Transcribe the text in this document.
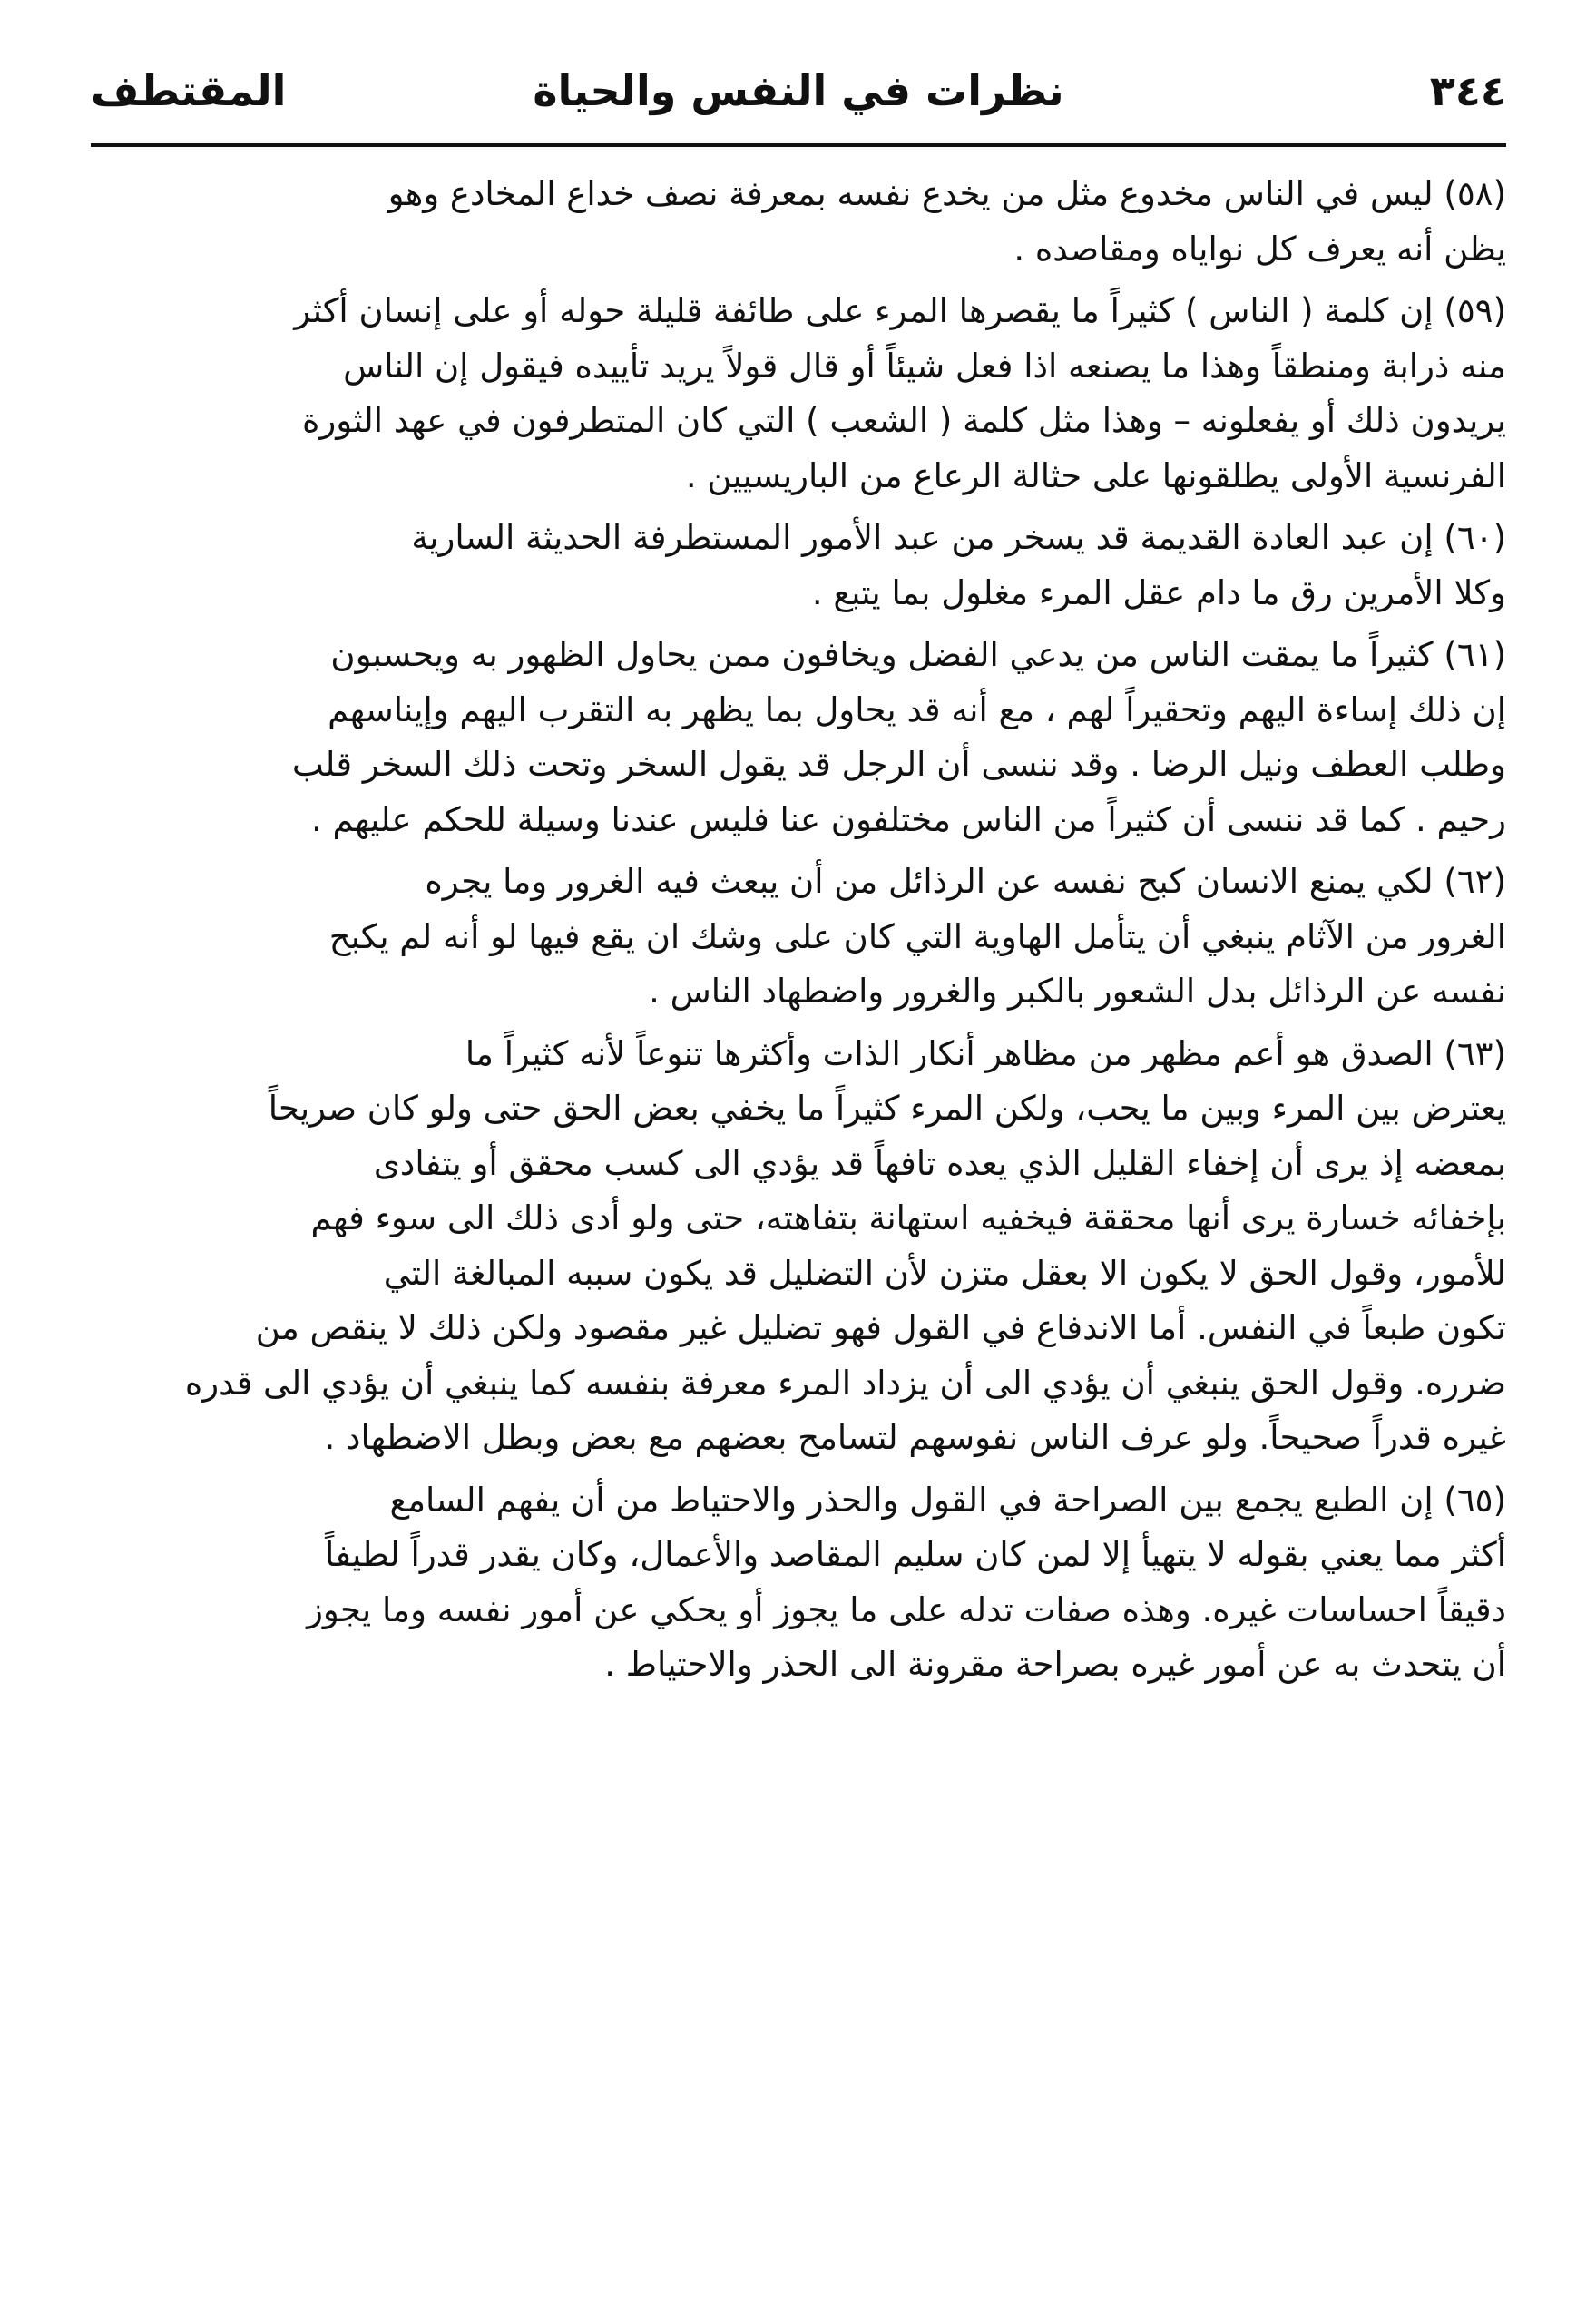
٣٤٤
نظرات في النفس والحياة
المقتطف
(٥٨) ليس في الناس مخدوع مثل من يخدع نفسه بمعرفة نصف خداع المخادع وهو
يظن أنه يعرف كل نواياه ومقاصده .
(٥٩) إن كلمة ( الناس ) كثيراً ما يقصرها المرء على طائفة قليلة حوله أو على إنسان أكثر
منه ذرابة ومنطقاً وهذا ما يصنعه اذا فعل شيئاً أو قال قولاً يريد تأييده فيقول إن الناس
يريدون ذلك أو يفعلونه – وهذا مثل كلمة ( الشعب ) التي كان المتطرفون في عهد الثورة
الفرنسية الأولى يطلقونها على حثالة الرعاع من الباريسيين .
(٦٠) إن عبد العادة القديمة قد يسخر من عبد الأمور المستطرفة الحديثة السارية
وكلا الأمرين رق ما دام عقل المرء مغلول بما يتبع .
(٦١) كثيراً ما يمقت الناس من يدعي الفضل ويخافون ممن يحاول الظهور به ويحسبون
إن ذلك إساءة اليهم وتحقيراً لهم ، مع أنه قد يحاول بما يظهر به التقرب اليهم وإيناسهم
وطلب العطف ونيل الرضا . وقد ننسى أن الرجل قد يقول السخر وتحت ذلك السخر قلب
رحيم . كما قد ننسى أن كثيراً من الناس مختلفون عنا فليس عندنا وسيلة للحكم عليهم .
(٦٢) لكي يمنع الانسان كبح نفسه عن الرذائل من أن يبعث فيه الغرور وما يجره
الغرور من الآثام ينبغي أن يتأمل الهاوية التي كان على وشك ان يقع فيها لو أنه لم يكبح
نفسه عن الرذائل بدل الشعور بالكبر والغرور واضطهاد الناس .
(٦٣) الصدق هو أعم مظهر من مظاهر أنكار الذات وأكثرها تنوعاً لأنه كثيراً ما
يعترض بين المرء وبين ما يحب، ولكن المرء كثيراً ما يخفي بعض الحق حتى ولو كان صريحاً
بمعضه إذ يرى أن إخفاء القليل الذي يعده تافهاً قد يؤدي الى كسب محقق أو يتفادى
بإخفائه خسارة يرى أنها محققة فيخفيه استهانة بتفاهته، حتى ولو أدى ذلك الى سوء فهم
للأمور، وقول الحق لا يكون الا بعقل متزن لأن التضليل قد يكون سببه المبالغة التي
تكون طبعاً في النفس. أما الاندفاع في القول فهو تضليل غير مقصود ولكن ذلك لا ينقص من
ضرره. وقول الحق ينبغي أن يؤدي الى أن يزداد المرء معرفة بنفسه كما ينبغي أن يؤدي الى قدره
غيره قدراً صحيحاً. ولو عرف الناس نفوسهم لتسامح بعضهم مع بعض وبطل الاضطهاد .
(٦٥) إن الطبع يجمع بين الصراحة في القول والحذر والاحتياط من أن يفهم السامع
أكثر مما يعني بقوله لا يتهيأ إلا لمن كان سليم المقاصد والأعمال، وكان يقدر قدراً لطيفاً
دقيقاً احساسات غيره. وهذه صفات تدله على ما يجوز أو يحكي عن أمور نفسه وما يجوز
أن يتحدث به عن أمور غيره بصراحة مقرونة الى الحذر والاحتياط .
